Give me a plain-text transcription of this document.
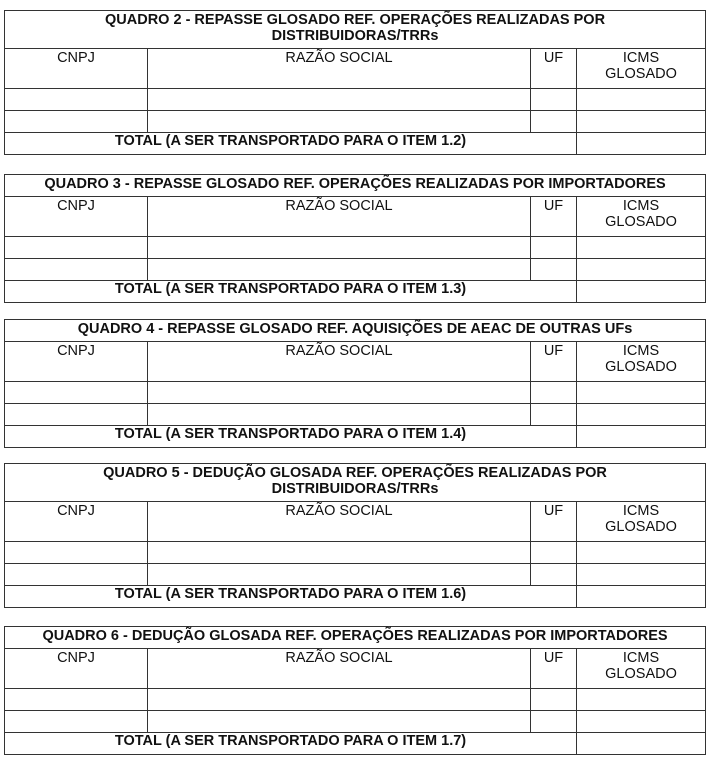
QUADRO 2 - REPASSE GLOSADO REF. OPERAÇÕES REALIZADAS POR
DISTRIBUIDORAS/TRRs			

CNPJ	RAZÃO SOCIAL	UF	ICMS
GLOSADO

TOTAL (A SER TRANSPORTADO PARA O ITEM 1.2)			
QUADRO 3 - REPASSE GLOSADO REF. OPERAÇÕES REALIZADAS POR IMPORTADORES			

CNPJ	RAZÃO SOCIAL	UF	ICMS
GLOSADO

TOTAL (A SER TRANSPORTADO PARA O ITEM 1.3)			
QUADRO 4 - REPASSE GLOSADO REF. AQUISIÇÕES DE AEAC DE OUTRAS UFs			

CNPJ	RAZÃO SOCIAL	UF	ICMS
GLOSADO

TOTAL (A SER TRANSPORTADO PARA O ITEM 1.4)			
QUADRO 5 - DEDUÇÃO GLOSADA REF. OPERAÇÕES REALIZADAS POR
DISTRIBUIDORAS/TRRs			

CNPJ	RAZÃO SOCIAL	UF	ICMS
GLOSADO

TOTAL (A SER TRANSPORTADO PARA O ITEM 1.6)			
QUADRO 6 - DEDUÇÃO GLOSADA REF. OPERAÇÕES REALIZADAS POR IMPORTADORES			

CNPJ	RAZÃO SOCIAL	UF	ICMS
GLOSADO

TOTAL (A SER TRANSPORTADO PARA O ITEM 1.7)			
